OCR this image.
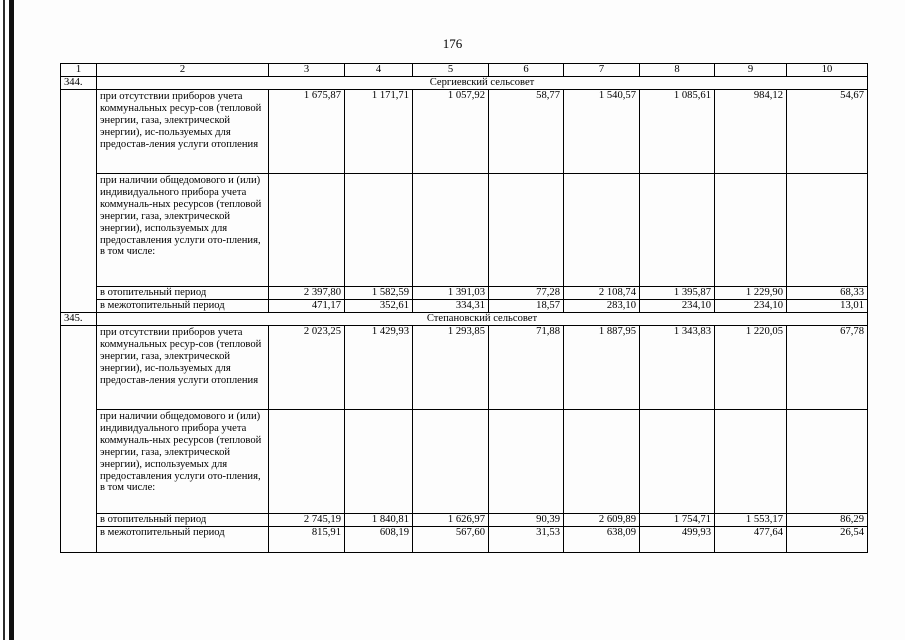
176
1	2	3	4	5	6	7	8	9	10
344.	Сергиевский сельсовет								
	при отсутствии приборов учета коммунальных ресур-сов (тепловой энергии, газа, электрической энергии), ис-пользуемых для предостав-ления услуги отопления	1 675,87	1 171,71	1 057,92	58,77	1 540,57	1 085,61	984,12	54,67
	при наличии общедомового и (или) индивидуального прибора учета коммуналь-ных ресурсов (тепловой энергии, газа, электрической энергии), используемых для предоставления услуги ото-пления, в том числе:								
	в отопительный период	2 397,80	1 582,59	1 391,03	77,28	2 108,74	1 395,87	1 229,90	68,33
	в межотопительный период	471,17	352,61	334,31	18,57	283,10	234,10	234,10	13,01
345.	Степановский сельсовет								
	при отсутствии приборов учета коммунальных ресур-сов (тепловой энергии, газа, электрической энергии), ис-пользуемых для предостав-ления услуги отопления	2 023,25	1 429,93	1 293,85	71,88	1 887,95	1 343,83	1 220,05	67,78
	при наличии общедомового и (или) индивидуального прибора учета коммуналь-ных ресурсов (тепловой энергии, газа, электрической энергии), используемых для предоставления услуги ото-пления, в том числе:								
	в отопительный период	2 745,19	1 840,81	1 626,97	90,39	2 609,89	1 754,71	1 553,17	86,29
	в межотопительный период	815,91	608,19	567,60	31,53	638,09	499,93	477,64	26,54
